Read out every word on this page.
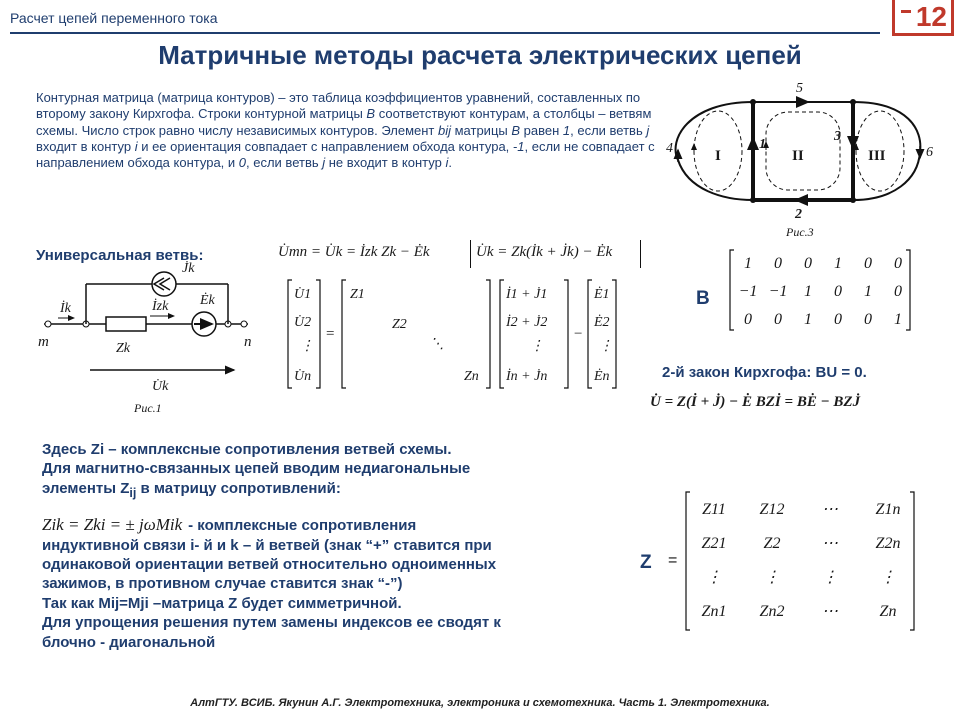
Расчет цепей переменного тока	12
Матричные методы расчета электрических цепей
Контурная матрица (матрица контуров) – это таблица коэффициентов уравнений, составленных по второму закону Кирхгофа. Строки контурной матрицы B соответствуют контурам, а столбцы – ветвям схемы. Число строк равно числу независимых контуров. Элемент bij матрицы B равен 1, если ветвь j входит в контур i и ее ориентация совпадает с направлением обхода контура, -1, если не совпадает с направлением обхода контура, и 0, если ветвь j не входит в контур i.
5
1
3
2
4	6
I	II	III
Рис.3
Универсальная ветвь:	U̇mn = U̇k = İzk Zk − Ėk	U̇k = Zk(İk + J̇k) − Ėk
m	n
İk	İzk
Zk
Ėk
J̇k
U̇k
Рис.1
U̇1
U̇2
⋮
U̇n
=
Z1
Z2
⋱
Zn
İ1 + J̇1
İ2 + J̇2
⋮
İn + J̇n
−
Ė1
Ė2
⋮
Ėn
B
1 0 0 1 0 0
−1 −1 1 0 1 0
0 0 1 0 0 1
2-й закон Кирхгофа: BU = 0.
U̇ = Z(İ + J̇) − Ė BZİ = BĖ − BZJ̇

Здесь Zi – комплексные сопротивления ветвей схемы.

Для магнитно-связанных цепей вводим недиагональные

элементы $Z_{ij}$ в матрицу сопротивлений:

Zik = Zki = ± jωMik - комплексные сопротивления

индуктивной связи i- й и k – й ветвей (знак “+” ставится при

одинаковой ориентации ветвей относительно одноименных

зажимов, в противном случае ставится знак “-”)

Так как Mij=Mji –матрица Z будет симметричной.

Для упрощения решения путем замены индексов ее сводят к

блочно - диагональной

Z =
Z11 Z12 ⋯ Z1n
Z21 Z2	⋯ Z2n
⋮	⋮	⋮	⋮
Zn1 Zn2 ⋯	Zn
АлтГТУ. ВСИБ. Якунин А.Г. Электротехника, электроника и схемотехника. Часть 1. Электротехника.
